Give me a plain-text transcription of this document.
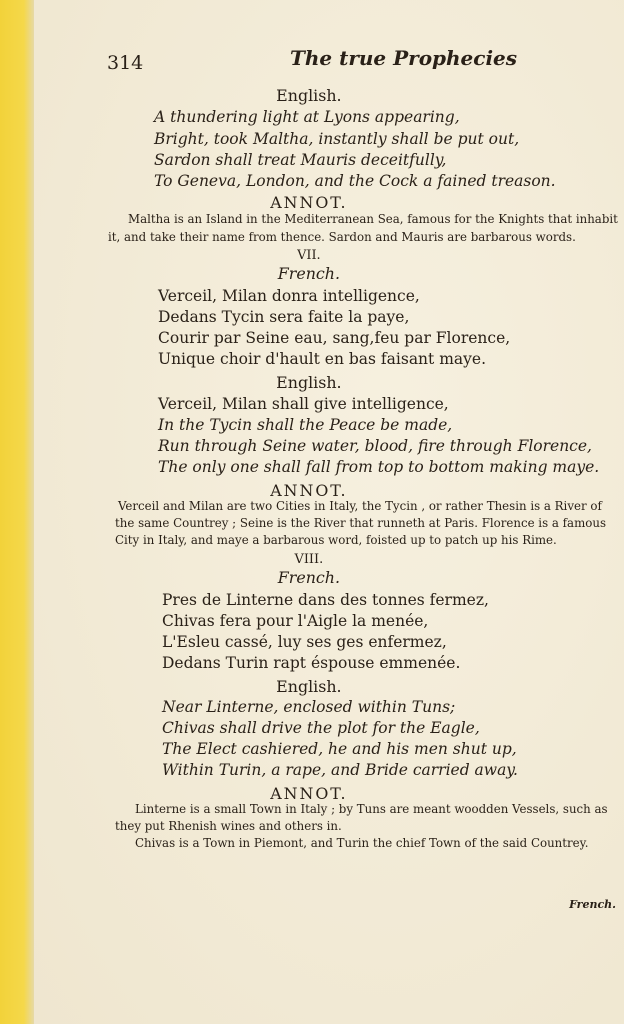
314	The true Prophecies
English.
A thundering light at Lyons appearing,
Bright, took Maltha, instantly shall be put out,
Sardon shall treat Mauris deceitfully,
To Geneva, London, and the Cock a fained treason.
ANNOT.
Maltha is an Island in the Mediterranean Sea, famous for the Knights that inhabit
it, and take their name from thence. Sardon and Mauris are barbarous words.
VII.
French.
Verceil, Milan donra intelligence,
Dedans Tycin sera faite la paye,
Courir par Seine eau, sang,feu par Florence,
Unique choir d'hault en bas faisant maye.
English.
Verceil, Milan shall give intelligence,
In the Tycin shall the Peace be made,
Run through Seine water, blood, fire through Florence,
The only one shall fall from top to bottom making maye.
ANNOT.
Verceil and Milan are two Cities in Italy, the Tycin , or rather Thesin is a River of
the same Countrey ; Seine is the River that runneth at Paris. Florence is a famous
City in Italy, and maye a barbarous word, foisted up to patch up his Rime.
VIII.
French.
Pres de Linterne dans des tonnes fermez,
Chivas fera pour l'Aigle la menée,
L'Esleu cassé, luy ses ges enfermez,
Dedans Turin rapt éspouse emmenée.
English.
Near Linterne, enclosed within Tuns;
Chivas shall drive the plot for the Eagle,
The Elect cashiered, he and his men shut up,
Within Turin, a rape, and Bride carried away.
ANNOT.
Linterne is a small Town in Italy ; by Tuns are meant woodden Vessels, such as
they put Rhenish wines and others in.
Chivas is a Town in Piemont, and Turin the chief Town of the said Countrey.
French.
